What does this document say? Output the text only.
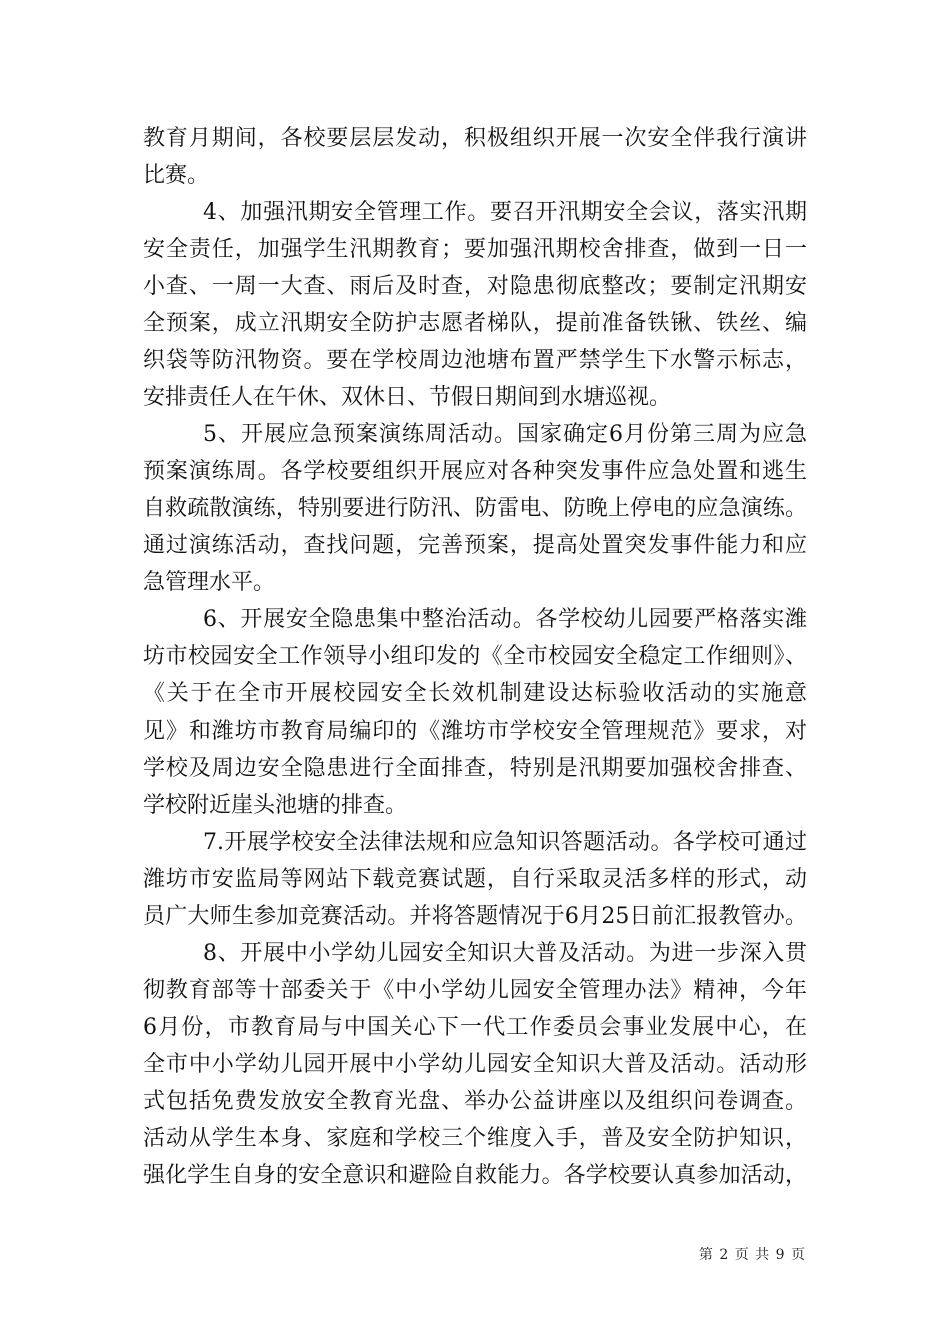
教育月期间，各校要层层发动，积极组织开展一次安全伴我行演讲
比赛。
4、加强汛期安全管理工作。要召开汛期安全会议，落实汛期
安全责任，加强学生汛期教育；要加强汛期校舍排查，做到一日一
小查、一周一大查、雨后及时查，对隐患彻底整改；要制定汛期安
全预案，成立汛期安全防护志愿者梯队，提前准备铁锹、铁丝、编
织袋等防汛物资。要在学校周边池塘布置严禁学生下水警示标志，
安排责任人在午休、双休日、节假日期间到水塘巡视。
5、开展应急预案演练周活动。国家确定6月份第三周为应急
预案演练周。各学校要组织开展应对各种突发事件应急处置和逃生
自救疏散演练，特别要进行防汛、防雷电、防晚上停电的应急演练。
通过演练活动，查找问题，完善预案，提高处置突发事件能力和应
急管理水平。
6、开展安全隐患集中整治活动。各学校幼儿园要严格落实潍
坊市校园安全工作领导小组印发的《全市校园安全稳定工作细则》、
《关于在全市开展校园安全长效机制建设达标验收活动的实施意
见》和潍坊市教育局编印的《潍坊市学校安全管理规范》要求，对
学校及周边安全隐患进行全面排查，特别是汛期要加强校舍排查、
学校附近崖头池塘的排查。
7.开展学校安全法律法规和应急知识答题活动。各学校可通过
潍坊市安监局等网站下载竞赛试题，自行采取灵活多样的形式，动
员广大师生参加竞赛活动。并将答题情况于6月25日前汇报教管办。
8、开展中小学幼儿园安全知识大普及活动。为进一步深入贯
彻教育部等十部委关于《中小学幼儿园安全管理办法》精神，今年
6月份，市教育局与中国关心下一代工作委员会事业发展中心，在
全市中小学幼儿园开展中小学幼儿园安全知识大普及活动。活动形
式包括免费发放安全教育光盘、举办公益讲座以及组织问卷调查。
活动从学生本身、家庭和学校三个维度入手，普及安全防护知识，
强化学生自身的安全意识和避险自救能力。各学校要认真参加活动，
第 2 页 共 9 页
